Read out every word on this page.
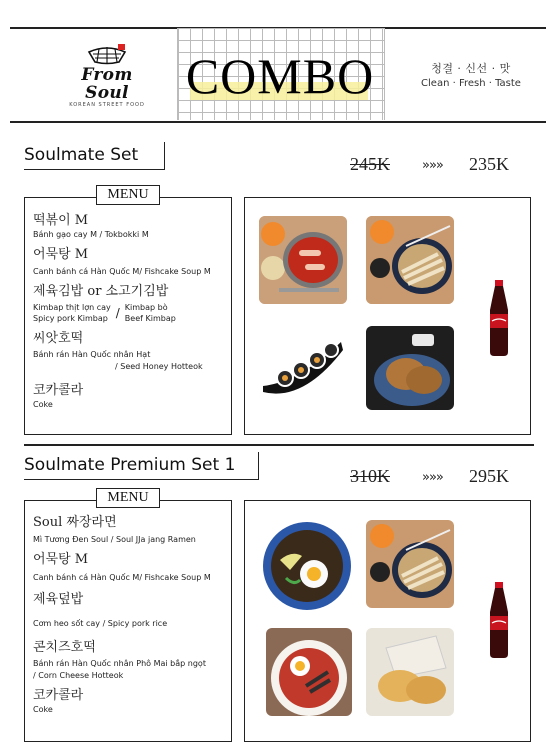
From Soul
KOREAN STREET FOOD
COMBO	청결 · 신선 · 맛
Clean · Fresh · Taste
Soulmate Set	245K »»» 235K
MENU
떡볶이 M
Bánh gạo cay M / Tokbokki M
어묵탕 M
Canh bánh cá Hàn Quốc M/ Fishcake Soup M
제육김밥 or 소고기김밥
Kimbap thịt lợn cay
Spicy pork Kimbap / Kimbap bò
Beef Kimbap
씨앗호떡
Bánh rán Hàn Quốc nhân Hạt
/ Seed Honey Hotteok
코카콜라
Coke
Soulmate Premium Set 1
310K »»» 295K
MENU
Soul 짜장라면
Mì Tương Đen Soul / Soul JJa jang Ramen
어묵탕 M
Canh bánh cá Hàn Quốc M/ Fishcake Soup M
제육덮밥
Cơm heo sốt cay / Spicy pork rice
콘치즈호떡
Bánh rán Hàn Quốc nhân Phô Mai bắp ngọt
/ Corn Cheese Hotteok
코카콜라
Coke
